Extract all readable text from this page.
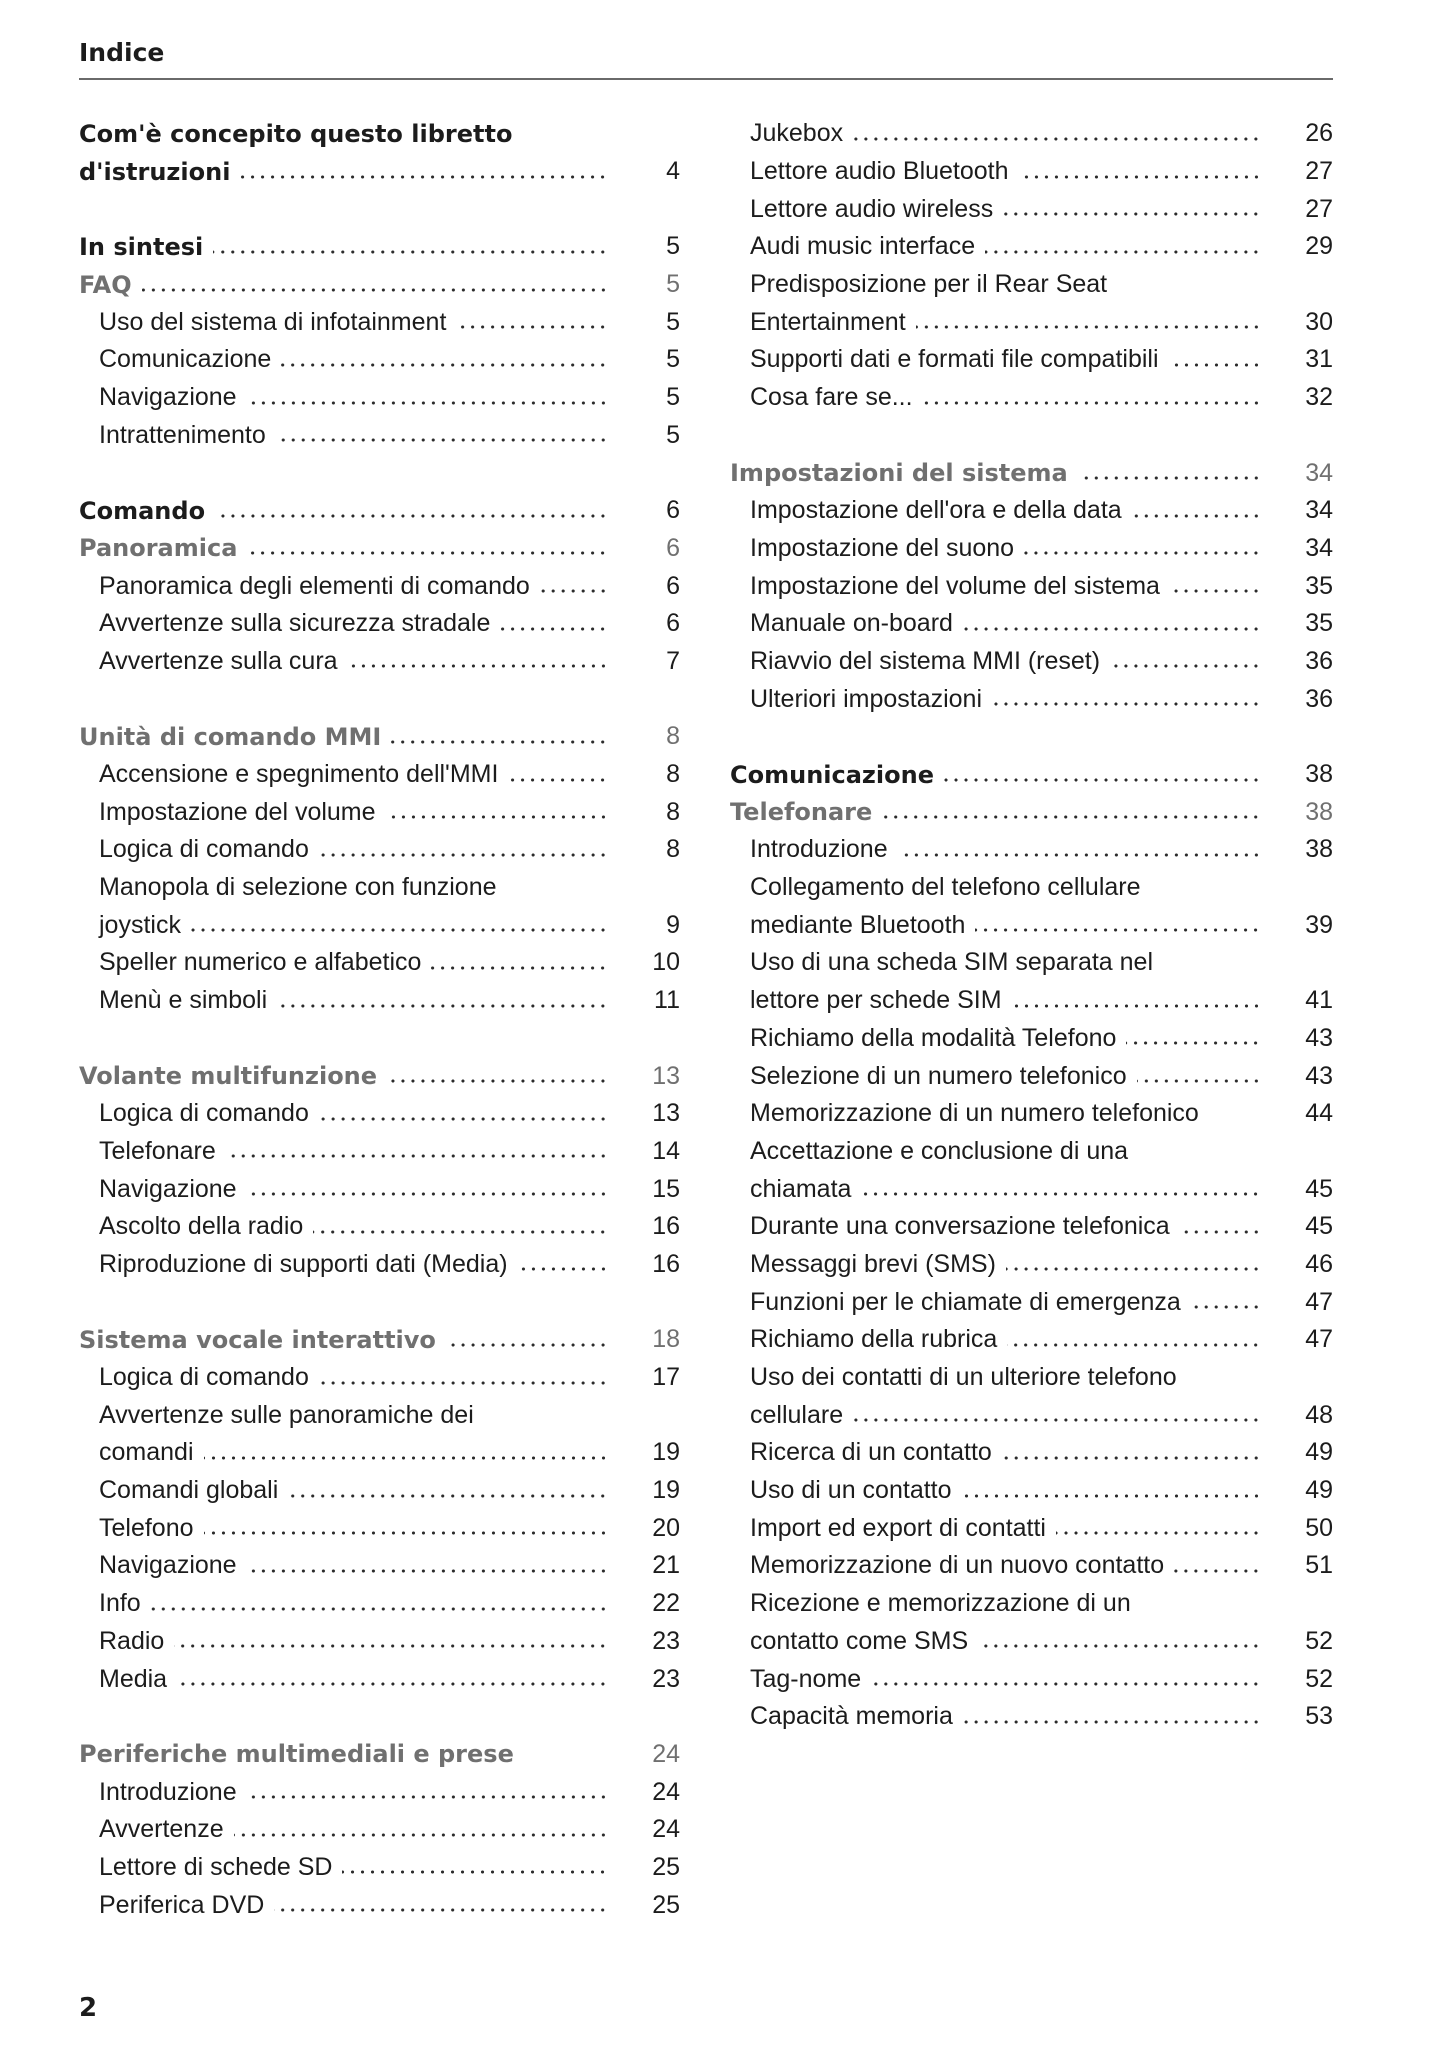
Indice
Com'è concepito questo libretto
d'istruzioni	4
In sintesi	5
FAQ	5
Uso del sistema di infotainment	5
Comunicazione	5
Navigazione	5
Intrattenimento	5
Comando	6
Panoramica	6
Panoramica degli elementi di comando	6
Avvertenze sulla sicurezza stradale	6
Avvertenze sulla cura	7
Unità di comando MMI	8
Accensione e spegnimento dell'MMI	8
Impostazione del volume	8
Logica di comando	8
Manopola di selezione con funzione
joystick	9
Speller numerico e alfabetico	10
Menù e simboli	11
Volante multifunzione	13
Logica di comando	13
Telefonare	14
Navigazione	15
Ascolto della radio	16
Riproduzione di supporti dati (Media)	16
Sistema vocale interattivo	18
Logica di comando	17
Avvertenze sulle panoramiche dei
comandi	19
Comandi globali	19
Telefono	20
Navigazione	21
Info	22
Radio	23
Media	23
Periferiche multimediali e prese	24
Introduzione	24
Avvertenze	24
Lettore di schede SD	25
Periferica DVD	25
Jukebox	26
Lettore audio Bluetooth	27
Lettore audio wireless	27
Audi music interface	29
Predisposizione per il Rear Seat
Entertainment	30
Supporti dati e formati file compatibili	31
Cosa fare se...	32
Impostazioni del sistema	34
Impostazione dell'ora e della data	34
Impostazione del suono	34
Impostazione del volume del sistema	35
Manuale on-board	35
Riavvio del sistema MMI (reset)	36
Ulteriori impostazioni	36
Comunicazione	38
Telefonare	38
Introduzione	38
Collegamento del telefono cellulare
mediante Bluetooth	39
Uso di una scheda SIM separata nel
lettore per schede SIM	41
Richiamo della modalità Telefono	43
Selezione di un numero telefonico	43
Memorizzazione di un numero telefonico	44
Accettazione e conclusione di una
chiamata	45
Durante una conversazione telefonica	45
Messaggi brevi (SMS)	46
Funzioni per le chiamate di emergenza	47
Richiamo della rubrica	47
Uso dei contatti di un ulteriore telefono
cellulare	48
Ricerca di un contatto	49
Uso di un contatto	49
Import ed export di contatti	50
Memorizzazione di un nuovo contatto	51
Ricezione e memorizzazione di un
contatto come SMS	52
Tag-nome	52
Capacità memoria	53
2
